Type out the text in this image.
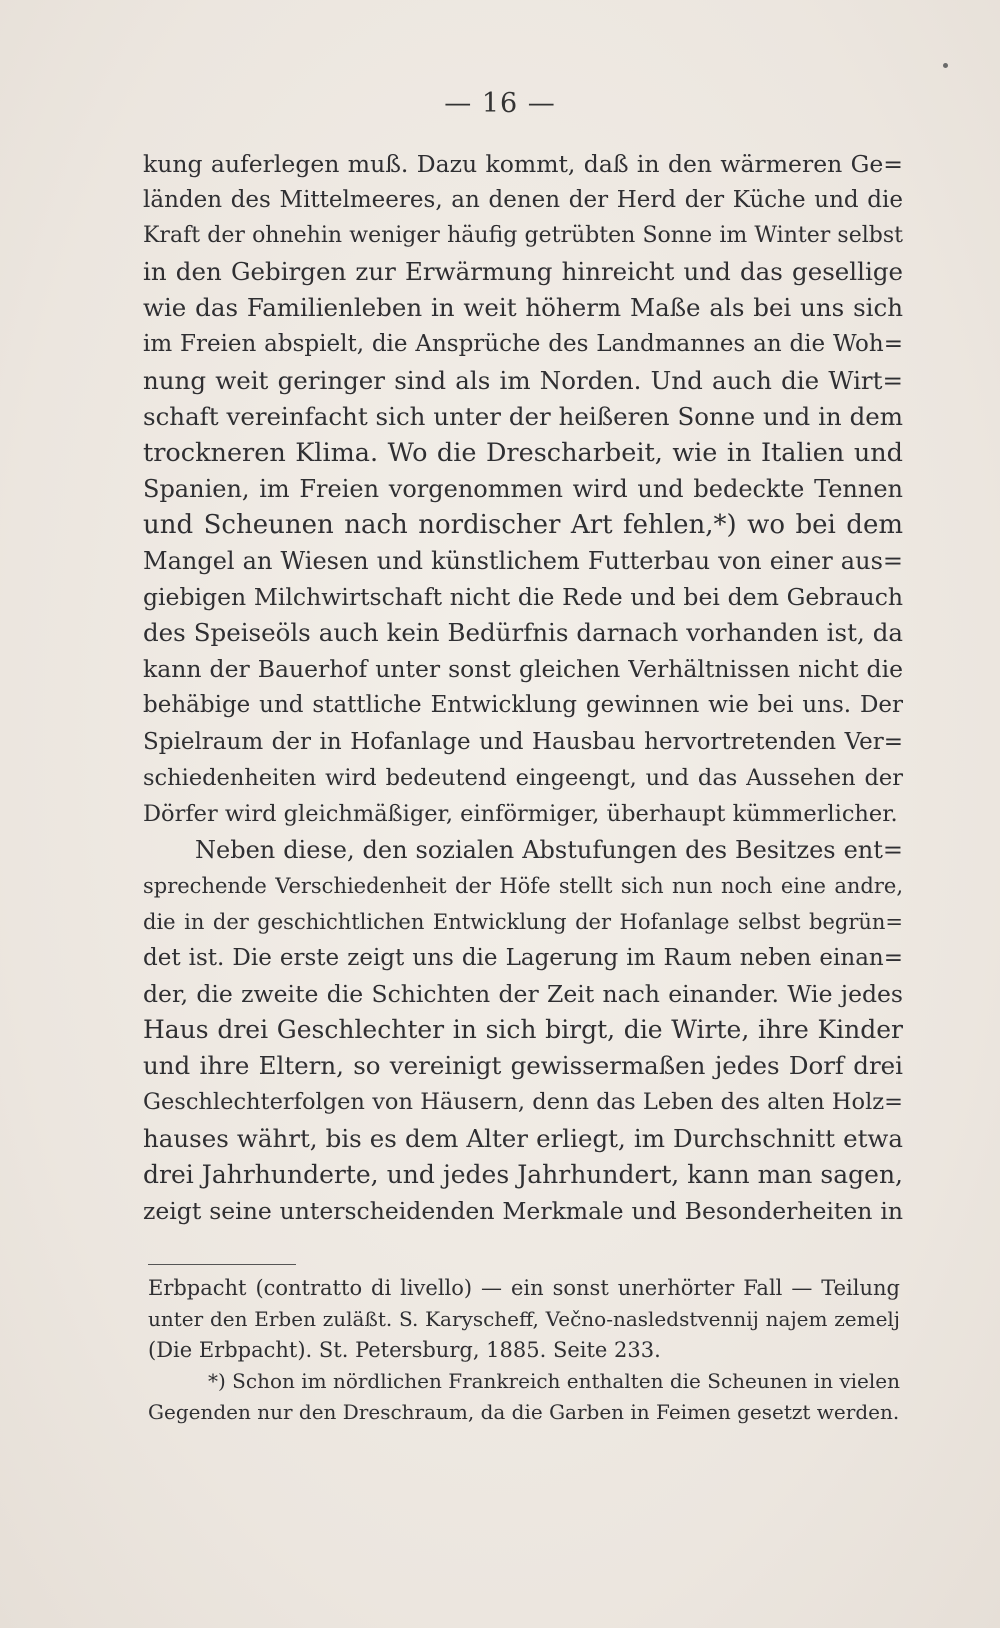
— 16 —
kung auferlegen muß. Dazu kommt, daß in den wärmeren Ge=
länden des Mittelmeeres, an denen der Herd der Küche und die
Kraft der ohnehin weniger häufig getrübten Sonne im Winter selbst
in den Gebirgen zur Erwärmung hinreicht und das gesellige
wie das Familienleben in weit höherm Maße als bei uns sich
im Freien abspielt, die Ansprüche des Landmannes an die Woh=
nung weit geringer sind als im Norden. Und auch die Wirt=
schaft vereinfacht sich unter der heißeren Sonne und in dem
trockneren Klima. Wo die Drescharbeit, wie in Italien und
Spanien, im Freien vorgenommen wird und bedeckte Tennen
und Scheunen nach nordischer Art fehlen,*) wo bei dem
Mangel an Wiesen und künstlichem Futterbau von einer aus=
giebigen Milchwirtschaft nicht die Rede und bei dem Gebrauch
des Speiseöls auch kein Bedürfnis darnach vorhanden ist, da
kann der Bauerhof unter sonst gleichen Verhältnissen nicht die
behäbige und stattliche Entwicklung gewinnen wie bei uns. Der
Spielraum der in Hofanlage und Hausbau hervortretenden Ver=
schiedenheiten wird bedeutend eingeengt, und das Aussehen der
Dörfer wird gleichmäßiger, einförmiger, überhaupt kümmerlicher.
Neben diese, den sozialen Abstufungen des Besitzes ent=
sprechende Verschiedenheit der Höfe stellt sich nun noch eine andre,
die in der geschichtlichen Entwicklung der Hofanlage selbst begrün=
det ist. Die erste zeigt uns die Lagerung im Raum neben einan=
der, die zweite die Schichten der Zeit nach einander. Wie jedes
Haus drei Geschlechter in sich birgt, die Wirte, ihre Kinder
und ihre Eltern, so vereinigt gewissermaßen jedes Dorf drei
Geschlechterfolgen von Häusern, denn das Leben des alten Holz=
hauses währt, bis es dem Alter erliegt, im Durchschnitt etwa
drei Jahrhunderte, und jedes Jahrhundert, kann man sagen,
zeigt seine unterscheidenden Merkmale und Besonderheiten in
Erbpacht (contratto di livello) — ein sonst unerhörter Fall — Teilung
unter den Erben zuläßt. S. Karyscheff, Večno-nasledstvennij najem zemelj
(Die Erbpacht). St. Petersburg, 1885. Seite 233.
*) Schon im nördlichen Frankreich enthalten die Scheunen in vielen
Gegenden nur den Dreschraum, da die Garben in Feimen gesetzt werden.
